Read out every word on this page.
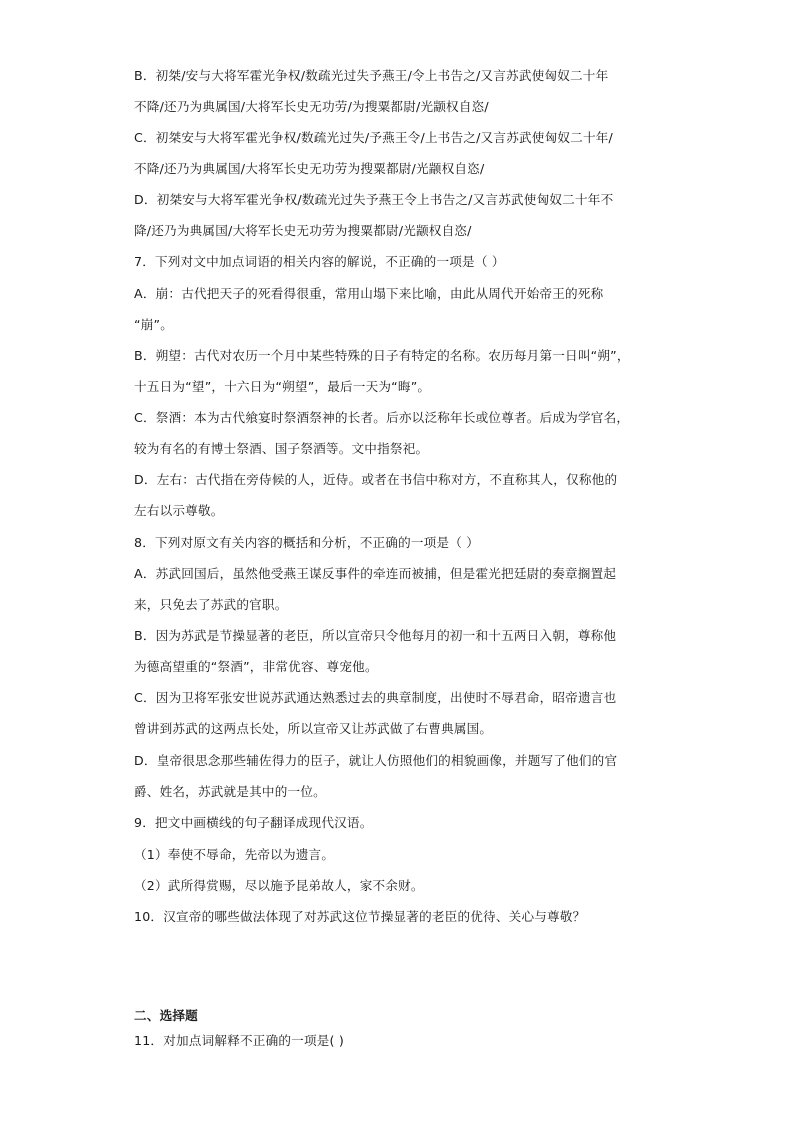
B．初桀/安与大将军霍光争权/数疏光过失予燕王/令上书告之/又言苏武使匈奴二十年
不降/还乃为典属国/大将军长史无功劳/为搜粟都尉/光颛权自恣/
C．初桀安与大将军霍光争权/数疏光过失/予燕王令/上书告之/又言苏武使匈奴二十年/
不降/还乃为典属国/大将军长史无功劳为搜粟都尉/光颛权自恣/
D．初桀安与大将军霍光争权/数疏光过失予燕王令上书告之/又言苏武使匈奴二十年不
降/还乃为典属国/大将军长史无功劳为搜粟都尉/光颛权自恣/
7．下列对文中加点词语的相关内容的解说，不正确的一项是（ ）
A．崩：古代把天子的死看得很重，常用山塌下来比喻，由此从周代开始帝王的死称
“崩”。
B．朔望：古代对农历一个月中某些特殊的日子有特定的名称。农历每月第一日叫“朔”，
十五日为“望”，十六日为“朔望”，最后一天为“晦”。
C．祭酒：本为古代飨宴时祭酒祭神的长者。后亦以泛称年长或位尊者。后成为学官名，
较为有名的有博士祭酒、国子祭酒等。文中指祭祀。
D．左右：古代指在旁侍候的人，近侍。或者在书信中称对方，不直称其人，仅称他的
左右以示尊敬。
8．下列对原文有关内容的概括和分析，不正确的一项是（ ）
A．苏武回国后，虽然他受燕王谋反事件的牵连而被捕，但是霍光把廷尉的奏章搁置起
来，只免去了苏武的官职。
B．因为苏武是节操显著的老臣，所以宣帝只令他每月的初一和十五两日入朝，尊称他
为德高望重的“祭酒”，非常优容、尊宠他。
C．因为卫将军张安世说苏武通达熟悉过去的典章制度，出使时不辱君命，昭帝遗言也
曾讲到苏武的这两点长处，所以宣帝又让苏武做了右曹典属国。
D．皇帝很思念那些辅佐得力的臣子，就让人仿照他们的相貌画像，并题写了他们的官
爵、姓名，苏武就是其中的一位。
9．把文中画横线的句子翻译成现代汉语。
（1）奉使不辱命，先帝以为遗言。
（2）武所得赏赐，尽以施予昆弟故人，家不余财。
10．汉宣帝的哪些做法体现了对苏武这位节操显著的老臣的优待、关心与尊敬？
二、选择题
11．对加点词解释不正确的一项是( )
